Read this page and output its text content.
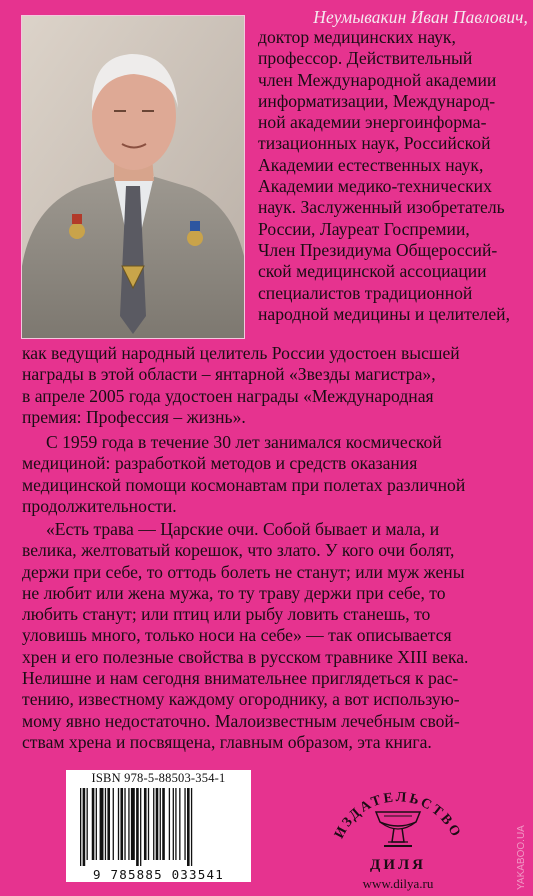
Неумывакин Иван Павлович,
доктор медицинских наук,
профессор. Действительный
член Международной академии
информатизации, Международ-
ной академии энергоинформа-
тизационных наук, Российской
Академии естественных наук,
Академии медико-технических
наук. Заслуженный изобретатель
России, Лауреат Госпремии,
Член Президиума Общероссий-
ской медицинской ассоциации
специалистов традиционной
народной медицины и целителей,
как ведущий народный целитель России удостоен высшей
награды в этой области – янтарной «Звезды магистра»,
в апреле 2005 года удостоен награды «Международная
премия: Профессия – жизнь».
С 1959 года в течение 30 лет занимался космической
медициной: разработкой методов и средств оказания
медицинской помощи космонавтам при полетах различной
продолжительности.
«Есть трава — Царские очи. Собой бывает и мала, и
велика, желтоватый корешок, что злато. У кого очи болят,
держи при себе, то оттодь болеть не станут; или муж жены
не любит или жена мужа, то ту траву держи при себе, то
любить станут; или птиц или рыбу ловить станешь, то
уловишь много, только носи на себе» — так описывается
хрен и его полезные свойства в русском травнике XIII века.
Нелишне и нам сегодня внимательнее приглядеться к рас-
тению, известному каждому огороднику, а вот использую-
мому явно недостаточно. Малоизвестным лечебным свой-
ствам хрена и посвящена, главным образом, эта книга.
ISBN 978-5-88503-354-1
9 785885 033541
ИЗДАТЕЛЬСТВО
ДИЛЯ
www.dilya.ru	YAKABOO.UA
